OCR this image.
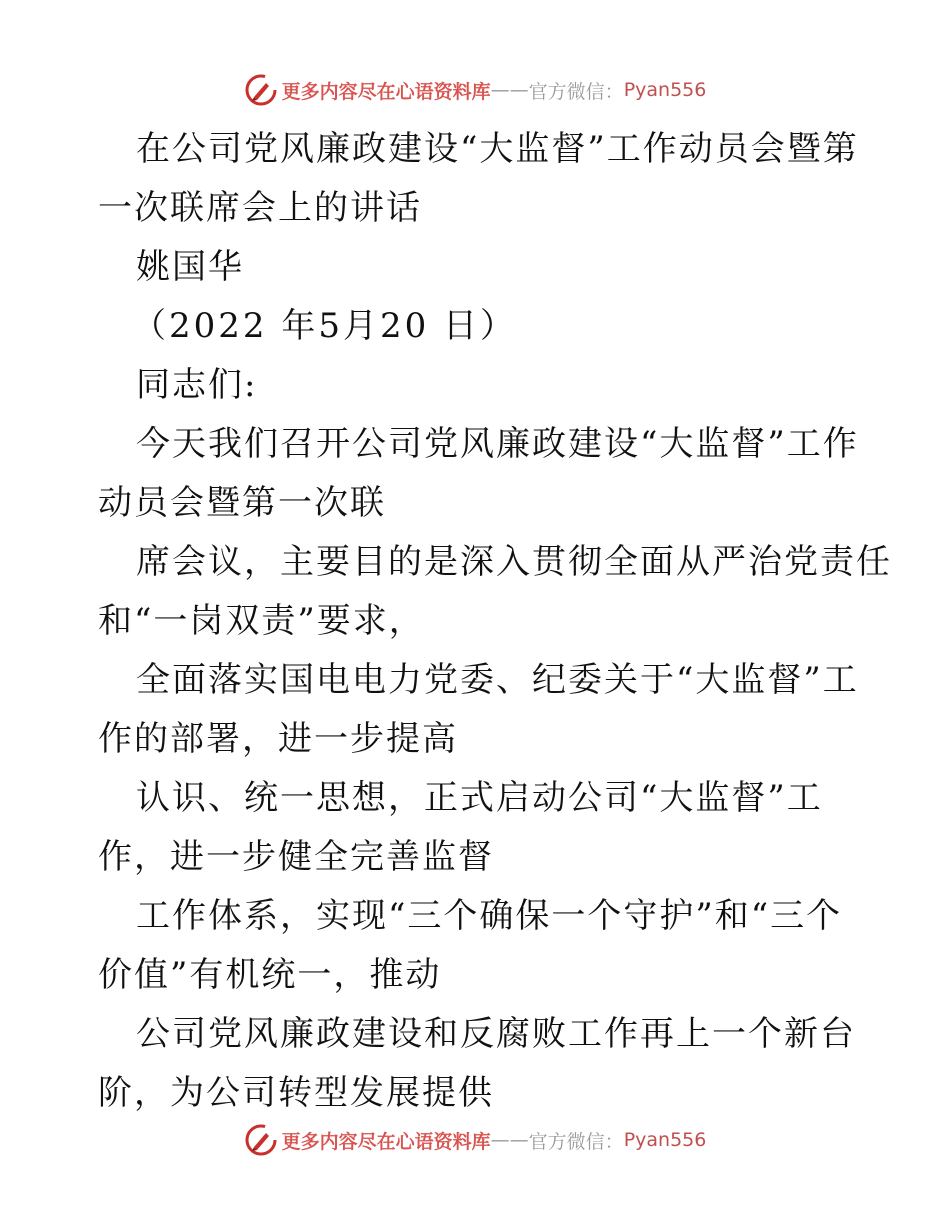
更多内容尽在心语资料库 —— 官方微信： Pyan556
在公司党风廉政建设“大监督”工作动员会暨第
一次联席会上的讲话
姚国华
（2022 年5月20 日）
同志们:
今天我们召开公司党风廉政建设“大监督”工作
动员会暨第一次联
席会议，主要目的是深入贯彻全面从严治党责任
和“一岗双责”要求，
全面落实国电电力党委、纪委关于“大监督”工
作的部署，进一步提高
认识、统一思想，正式启动公司“大监督”工
作，进一步健全完善监督
工作体系，实现“三个确保一个守护”和“三个
价值”有机统一，推动
公司党风廉政建设和反腐败工作再上一个新台
阶，为公司转型发展提供
更多内容尽在心语资料库 —— 官方微信： Pyan556
